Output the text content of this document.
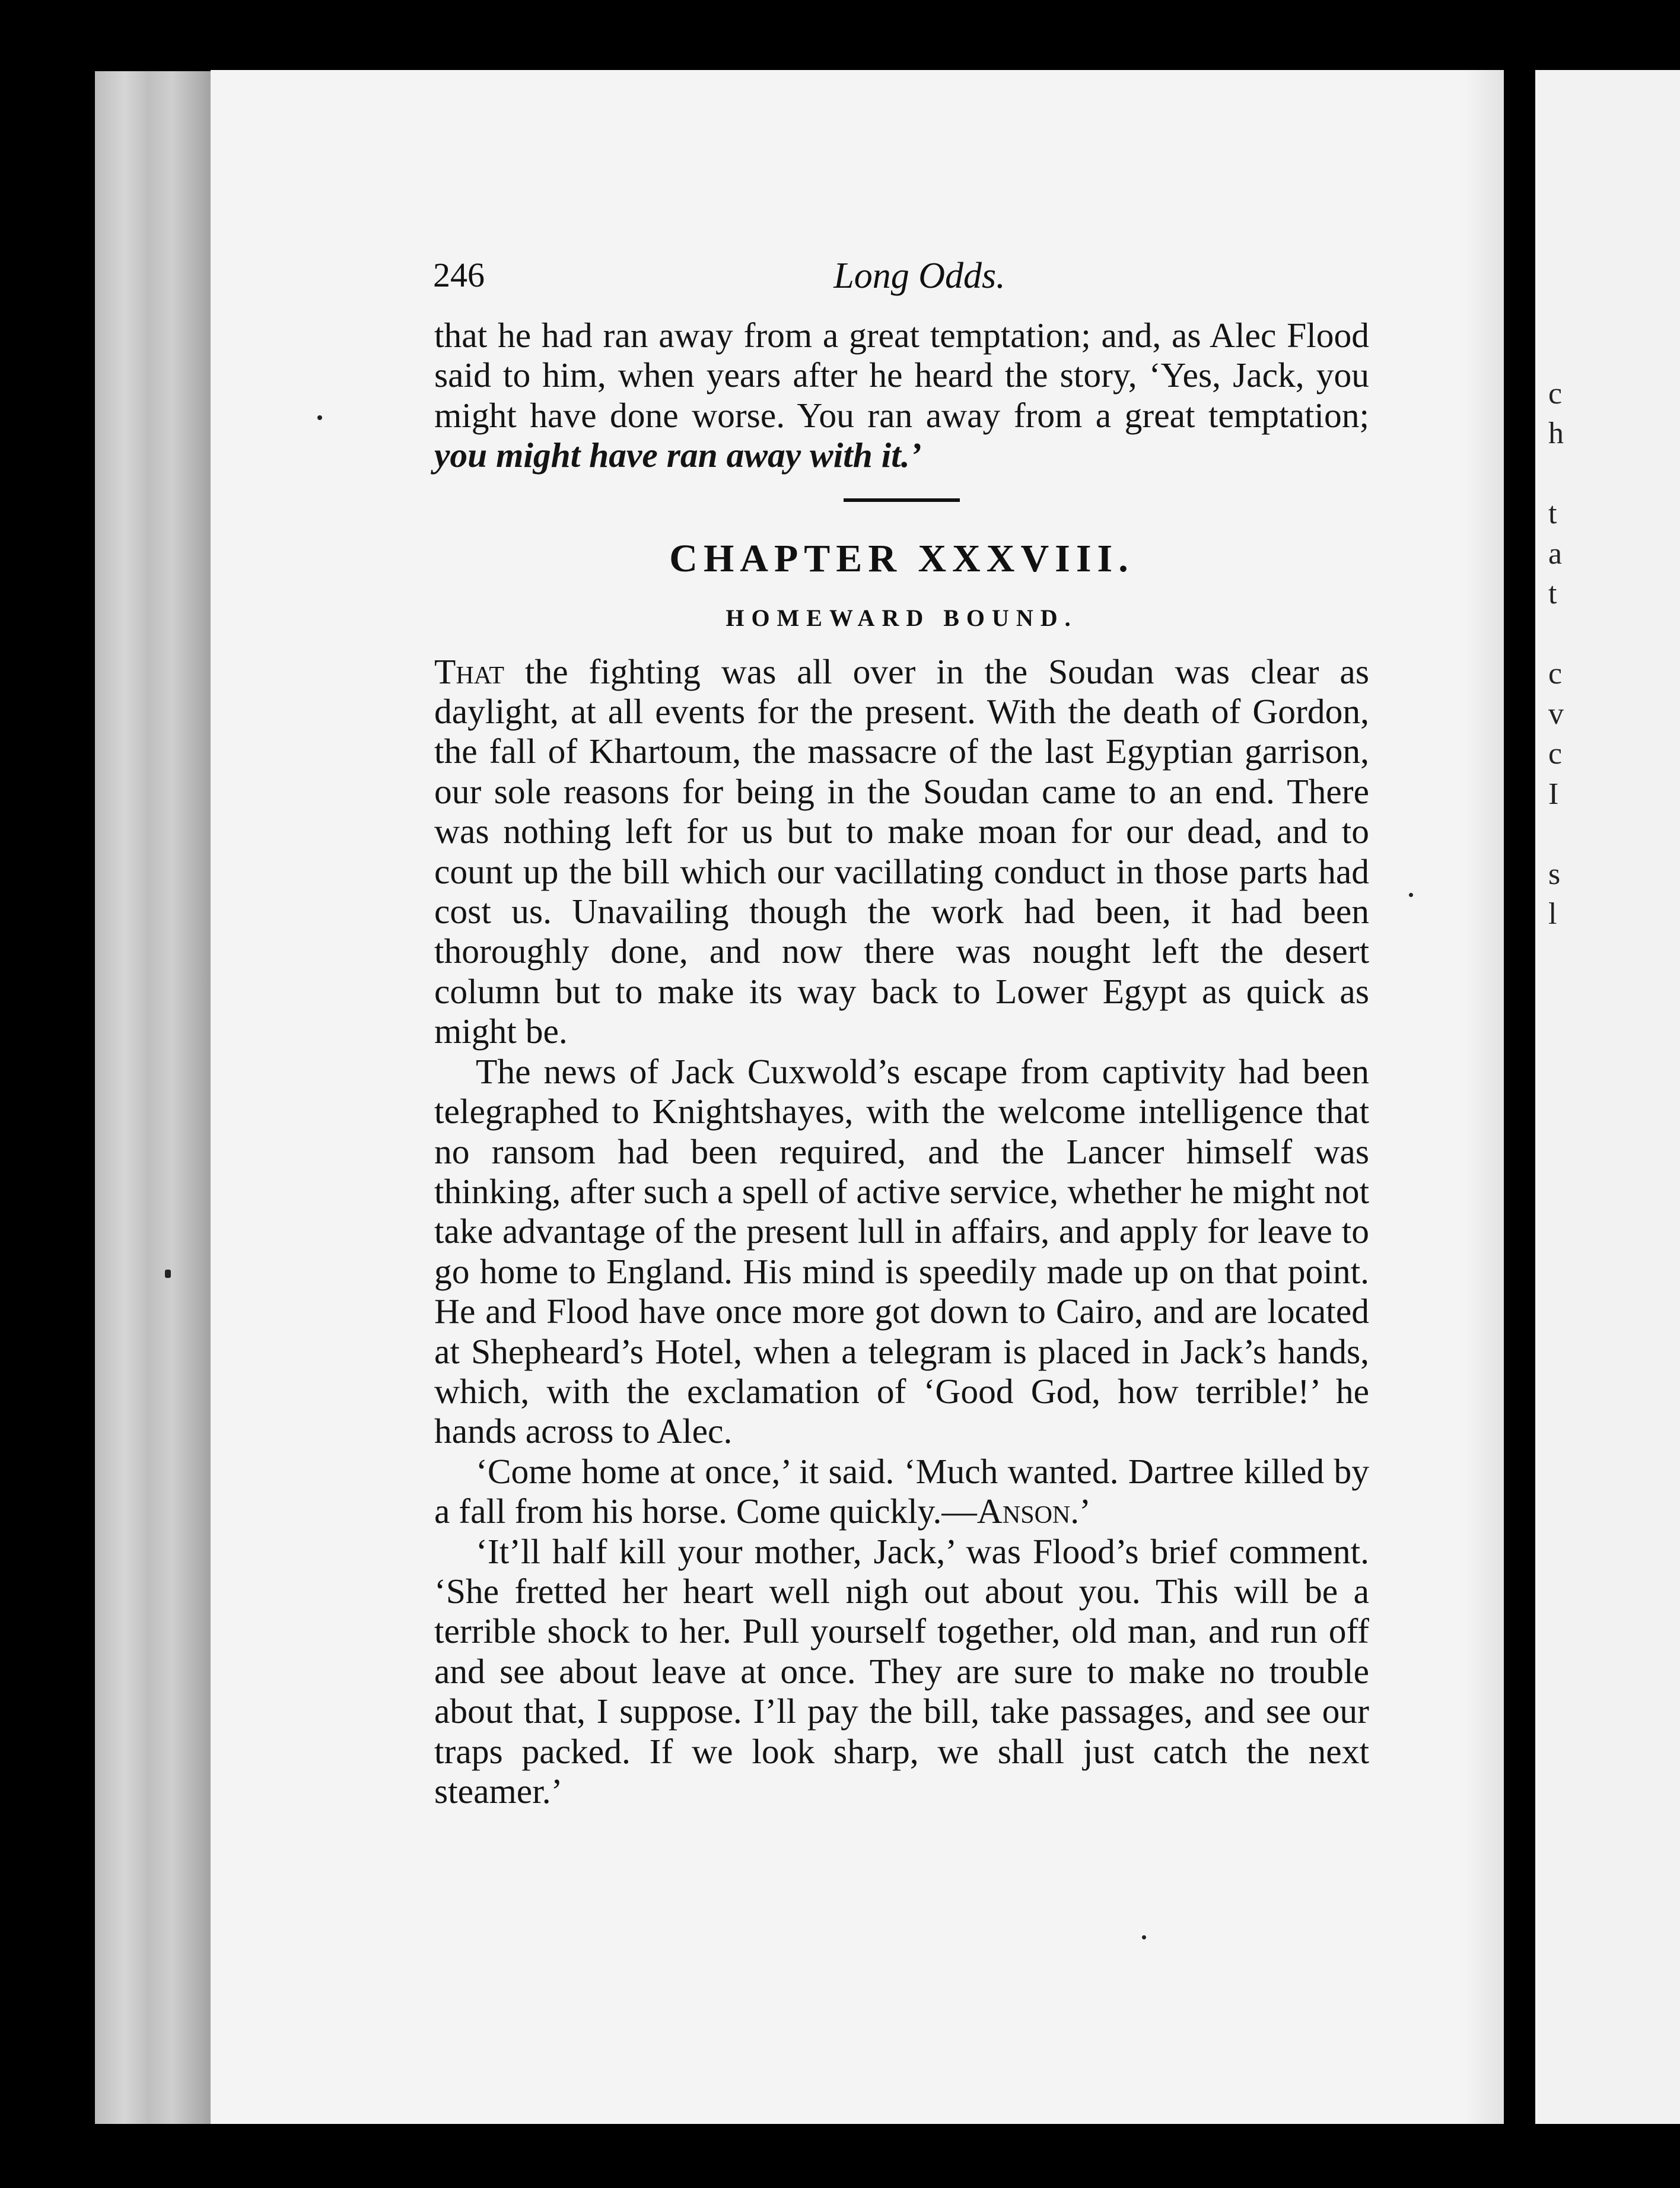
c
h
t
a
t
c
v
c
I
s
l
246	Long Odds.

that he had ran away from a great temptation; and, as Alec Flood said to him, when years after he heard the story, ‘Yes, Jack, you might have done worse. You ran away from a great temptation; you might have ran away with it.’

CHAPTER XXXVIII.
HOMEWARD BOUND.

That the fighting was all over in the Soudan was clear as daylight, at all events for the present. With the death of Gordon, the fall of Khartoum, the massacre of the last Egyptian garrison, our sole reasons for being in the Soudan came to an end. There was nothing left for us but to make moan for our dead, and to count up the bill which our vacillating conduct in those parts had cost us. Unavailing though the work had been, it had been thoroughly done, and now there was nought left the desert column but to make its way back to Lower Egypt as quick as might be.

The news of Jack Cuxwold’s escape from captivity had been telegraphed to Knightshayes, with the welcome intelligence that no ransom had been required, and the Lancer himself was thinking, after such a spell of active service, whether he might not take advantage of the present lull in affairs, and apply for leave to go home to England. His mind is speedily made up on that point. He and Flood have once more got down to Cairo, and are located at Shepheard’s Hotel, when a telegram is placed in Jack’s hands, which, with the exclamation of ‘Good God, how terrible!’ he hands across to Alec.

‘Come home at once,’ it said. ‘Much wanted. Dartree killed by a fall from his horse. Come quickly.—Anson.’

‘It’ll half kill your mother, Jack,’ was Flood’s brief comment. ‘She fretted her heart well nigh out about you. This will be a terrible shock to her. Pull yourself together, old man, and run off and see about leave at once. They are sure to make no trouble about that, I suppose. I’ll pay the bill, take passages, and see our traps packed. If we look sharp, we shall just catch the next steamer.’
